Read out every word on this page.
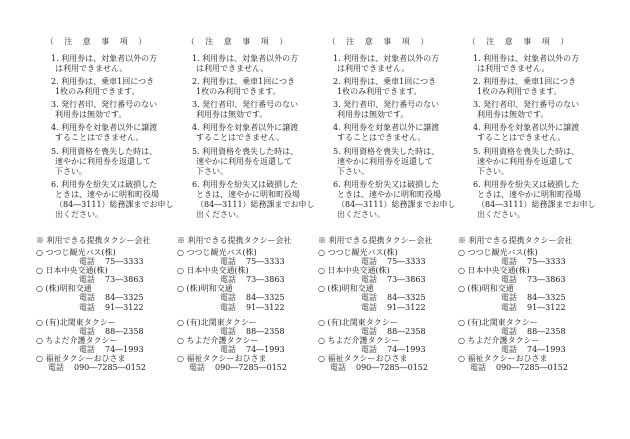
（ 注 意 事 項 ）
1. 利用券は、対象者以外の方
は利用できません。
2. 利用券は、乗車1回につき
1枚のみ利用できます。
3. 発行者印、発行番号のない
利用券は無効です。
4. 利用券を対象者以外に譲渡
することはできません。
5. 利用資格を喪失した時は、
速やかに利用券を返還して
下さい。
6. 利用券を紛失又は破損した
ときは、速やかに明和町役場
（84―3111）総務課までお申し
出ください。
※ 利用できる提携タクシー会社
○ つつじ観光バス(株)
電話 75―3333
○ 日本中央交通(株)
電話 73―3863
○ (株)明和交通
電話 84―3325
電話 91―3122
○ (有)北関東タクシー
電話 88―2358
○ ちよだ介護タクシー
電話 74―1993
○ 福祉タクシーおひさま
電話 090―7285―0152
（ 注 意 事 項 ）
1. 利用券は、対象者以外の方
は利用できません。
2. 利用券は、乗車1回につき
1枚のみ利用できます。
3. 発行者印、発行番号のない
利用券は無効です。
4. 利用券を対象者以外に譲渡
することはできません。
5. 利用資格を喪失した時は、
速やかに利用券を返還して
下さい。
6. 利用券を紛失又は破損した
ときは、速やかに明和町役場
（84―3111）総務課までお申し
出ください。
※ 利用できる提携タクシー会社
○ つつじ観光バス(株)
電話 75―3333
○ 日本中央交通(株)
電話 73―3863
○ (株)明和交通
電話 84―3325
電話 91―3122
○ (有)北関東タクシー
電話 88―2358
○ ちよだ介護タクシー
電話 74―1993
○ 福祉タクシーおひさま
電話 090―7285―0152
（ 注 意 事 項 ）
1. 利用券は、対象者以外の方
は利用できません。
2. 利用券は、乗車1回につき
1枚のみ利用できます。
3. 発行者印、発行番号のない
利用券は無効です。
4. 利用券を対象者以外に譲渡
することはできません。
5. 利用資格を喪失した時は、
速やかに利用券を返還して
下さい。
6. 利用券を紛失又は破損した
ときは、速やかに明和町役場
（84―3111）総務課までお申し
出ください。
※ 利用できる提携タクシー会社
○ つつじ観光バス(株)
電話 75―3333
○ 日本中央交通(株)
電話 73―3863
○ (株)明和交通
電話 84―3325
電話 91―3122
○ (有)北関東タクシー
電話 88―2358
○ ちよだ介護タクシー
電話 74―1993
○ 福祉タクシーおひさま
電話 090―7285―0152
（ 注 意 事 項 ）
1. 利用券は、対象者以外の方
は利用できません。
2. 利用券は、乗車1回につき
1枚のみ利用できます。
3. 発行者印、発行番号のない
利用券は無効です。
4. 利用券を対象者以外に譲渡
することはできません。
5. 利用資格を喪失した時は、
速やかに利用券を返還して
下さい。
6. 利用券を紛失又は破損した
ときは、速やかに明和町役場
（84―3111）総務課までお申し
出ください。
※ 利用できる提携タクシー会社
○ つつじ観光バス(株)
電話 75―3333
○ 日本中央交通(株)
電話 73―3863
○ (株)明和交通
電話 84―3325
電話 91―3122
○ (有)北関東タクシー
電話 88―2358
○ ちよだ介護タクシー
電話 74―1993
○ 福祉タクシーおひさま
電話 090―7285―0152
